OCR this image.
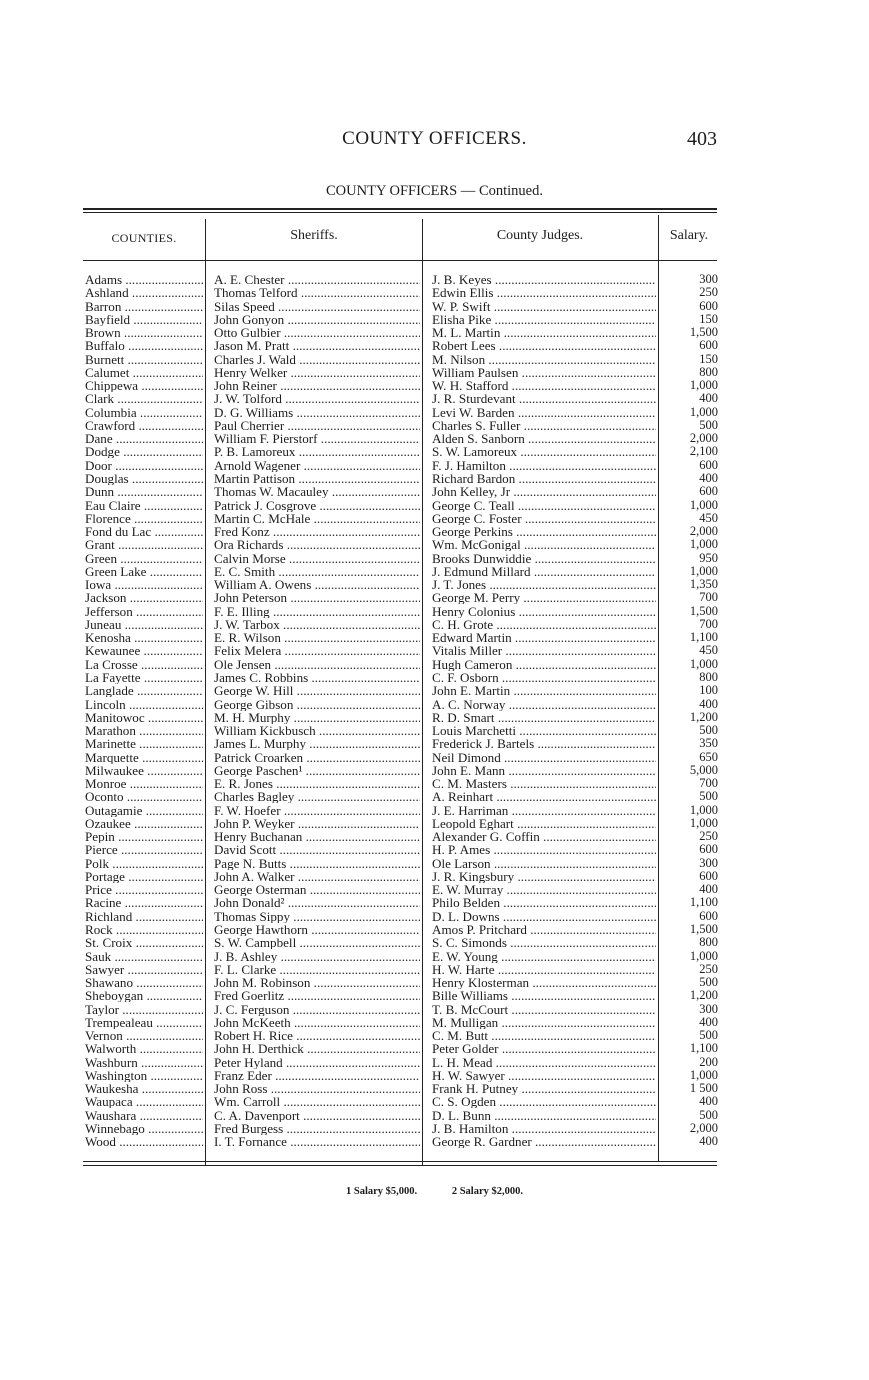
COUNTY OFFICERS.	403
COUNTY OFFICERS — Continued.
COUNTIES.	Sheriffs.	County Judges.	Salary.
Adams .....	A. E. Chester .....	J. B. Keyes .....	300
Ashland .....	Thomas Telford .....	Edwin Ellis .....	250
Barron .....	Silas Speed .....	W. P. Swift .....	600
Bayfield .....	John Gonyon .....	Elisha Pike .....	150
Brown .....	Otto Gulbier .....	M. L. Martin .....	1,500
Buffalo .....	Jason M. Pratt .....	Robert Lees .....	600
Burnett .....	Charles J. Wald .....	M. Nilson .....	150
Calumet .....	Henry Welker .....	William Paulsen .....	800
Chippewa .....	John Reiner .....	W. H. Stafford .....	1,000
Clark .....	J. W. Tolford .....	J. R. Sturdevant .....	400
Columbia .....	D. G. Williams .....	Levi W. Barden .....	1,000
Crawford .....	Paul Cherrier .....	Charles S. Fuller .....	500
Dane .....	William F. Pierstorf .....	Alden S. Sanborn .....	2,000
Dodge .....	P. B. Lamoreux .....	S. W. Lamoreux .....	2,100
Door .....	Arnold Wagener .....	F. J. Hamilton .....	600
Douglas .....	Martin Pattison .....	Richard Bardon .....	400
Dunn .....	Thomas W. Macauley .....	John Kelley, Jr .....	600
Eau Claire .....	Patrick J. Cosgrove .....	George C. Teall .....	1,000
Florence .....	Martin C. McHale .....	George C. Foster .....	450
Fond du Lac .....	Fred Konz .....	George Perkins .....	2,000
Grant .....	Ora Richards .....	Wm. McGonigal .....	1,000
Green .....	Calvin Morse .....	Brooks Dunwiddie .....	950
Green Lake .....	E. C. Smith .....	J. Edmund Millard .....	1,000
Iowa .....	William A. Owens .....	J. T. Jones .....	1,350
Jackson .....	John Peterson .....	George M. Perry .....	700
Jefferson .....	F. E. Illing .....	Henry Colonius .....	1,500
Juneau .....	J. W. Tarbox .....	C. H. Grote .....	700
Kenosha .....	E. R. Wilson .....	Edward Martin .....	1,100
Kewaunee .....	Felix Melera .....	Vitalis Miller .....	450
La Crosse .....	Ole Jensen .....	Hugh Cameron .....	1,000
La Fayette .....	James C. Robbins .....	C. F. Osborn .....	800
Langlade .....	George W. Hill .....	John E. Martin .....	100
Lincoln .....	George Gibson .....	A. C. Norway .....	400
Manitowoc .....	M. H. Murphy .....	R. D. Smart .....	1,200
Marathon .....	William Kickbusch .....	Louis Marchetti .....	500
Marinette .....	James L. Murphy .....	Frederick J. Bartels .....	350
Marquette .....	Patrick Croarken .....	Neil Dimond .....	650
Milwaukee .....	George Paschen¹ .....	John E. Mann .....	5,000
Monroe .....	E. R. Jones .....	C. M. Masters .....	700
Oconto .....	Charles Bagley .....	A. Reinhart .....	500
Outagamie .....	F. W. Hoefer .....	J. E. Harriman .....	1,000
Ozaukee .....	John P. Weyker .....	Leopold Eghart .....	1,000
Pepin .....	Henry Buchanan .....	Alexander G. Coffin .....	250
Pierce .....	David Scott .....	H. P. Ames .....	600
Polk .....	Page N. Butts .....	Ole Larson .....	300
Portage .....	John A. Walker .....	J. R. Kingsbury .....	600
Price .....	George Osterman .....	E. W. Murray .....	400
Racine .....	John Donald² .....	Philo Belden .....	1,100
Richland .....	Thomas Sippy .....	D. L. Downs .....	600
Rock .....	George Hawthorn .....	Amos P. Pritchard .....	1,500
St. Croix .....	S. W. Campbell .....	S. C. Simonds .....	800
Sauk .....	J. B. Ashley .....	E. W. Young .....	1,000
Sawyer .....	F. L. Clarke .....	H. W. Harte .....	250
Shawano .....	John M. Robinson .....	Henry Klosterman .....	500
Sheboygan .....	Fred Goerlitz .....	Bille Williams .....	1,200
Taylor .....	J. C. Ferguson .....	T. B. McCourt .....	300
Trempealeau .....	John McKeeth .....	M. Mulligan .....	400
Vernon .....	Robert H. Rice .....	C. M. Butt .....	500
Walworth .....	John H. Derthick .....	Peter Golder .....	1,100
Washburn .....	Peter Hyland .....	L. H. Mead .....	200
Washington .....	Franz Eder .....	H. W. Sawyer .....	1,000
Waukesha .....	John Ross .....	Frank H. Putney .....	1 500
Waupaca .....	Wm. Carroll .....	C. S. Ogden .....	400
Waushara .....	C. A. Davenport .....	D. L. Bunn .....	500
Winnebago .....	Fred Burgess .....	J. B. Hamilton .....	2,000
Wood .....	I. T. Fornance .....	George R. Gardner .....	400
1 Salary $5,000.	2 Salary $2,000.
